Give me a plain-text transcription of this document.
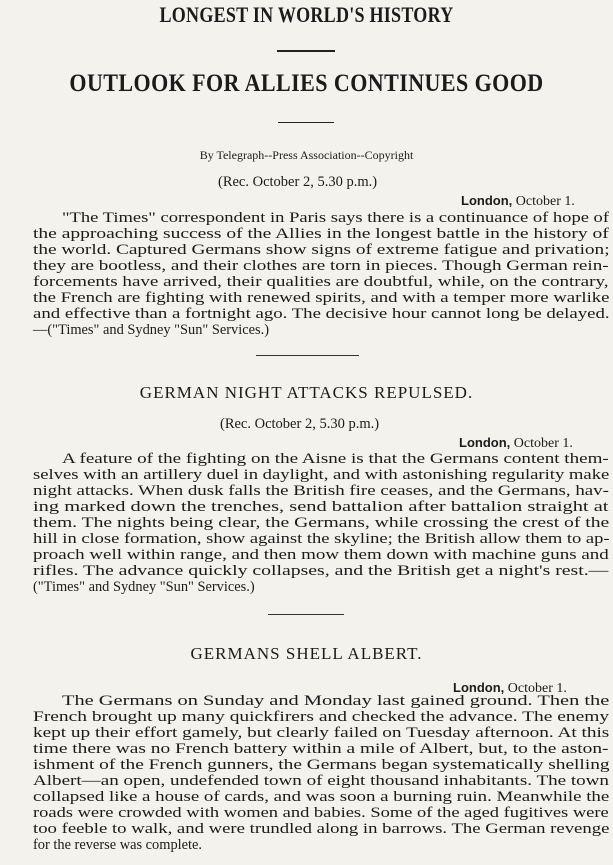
LONGEST IN WORLD'S HISTORY
OUTLOOK FOR ALLIES CONTINUES GOOD
By Telegraph--Press Association--Copyright
(Rec. October 2, 5.30 p.m.)
London, October 1.
"The Times" correspondent in Paris says there is a continuance of hope of
the approaching success of the Allies in the longest battle in the history of
the world. Captured Germans show signs of extreme fatigue and privation;
they are bootless, and their clothes are torn in pieces. Though German rein-
forcements have arrived, their qualities are doubtful, while, on the contrary,
the French are fighting with renewed spirits, and with a temper more warlike
and effective than a fortnight ago. The decisive hour cannot long be delayed.
—("Times" and Sydney "Sun" Services.)
GERMAN NIGHT ATTACKS REPULSED.
(Rec. October 2, 5.30 p.m.)
London, October 1.
A feature of the fighting on the Aisne is that the Germans content them-
selves with an artillery duel in daylight, and with astonishing regularity make
night attacks. When dusk falls the British fire ceases, and the Germans, hav-
ing marked down the trenches, send battalion after battalion straight at
them. The nights being clear, the Germans, while crossing the crest of the
hill in close formation, show against the skyline; the British allow them to ap-
proach well within range, and then mow them down with machine guns and
rifles. The advance quickly collapses, and the British get a night's rest.—
("Times" and Sydney "Sun" Services.)
GERMANS SHELL ALBERT.
London, October 1.
The Germans on Sunday and Monday last gained ground. Then the
French brought up many quickfirers and checked the advance. The enemy
kept up their effort gamely, but clearly failed on Tuesday afternoon. At this
time there was no French battery within a mile of Albert, but, to the aston-
ishment of the French gunners, the Germans began systematically shelling
Albert—an open, undefended town of eight thousand inhabitants. The town
collapsed like a house of cards, and was soon a burning ruin. Meanwhile the
roads were crowded with women and babies. Some of the aged fugitives were
too feeble to walk, and were trundled along in barrows. The German revenge
for the reverse was complete.
